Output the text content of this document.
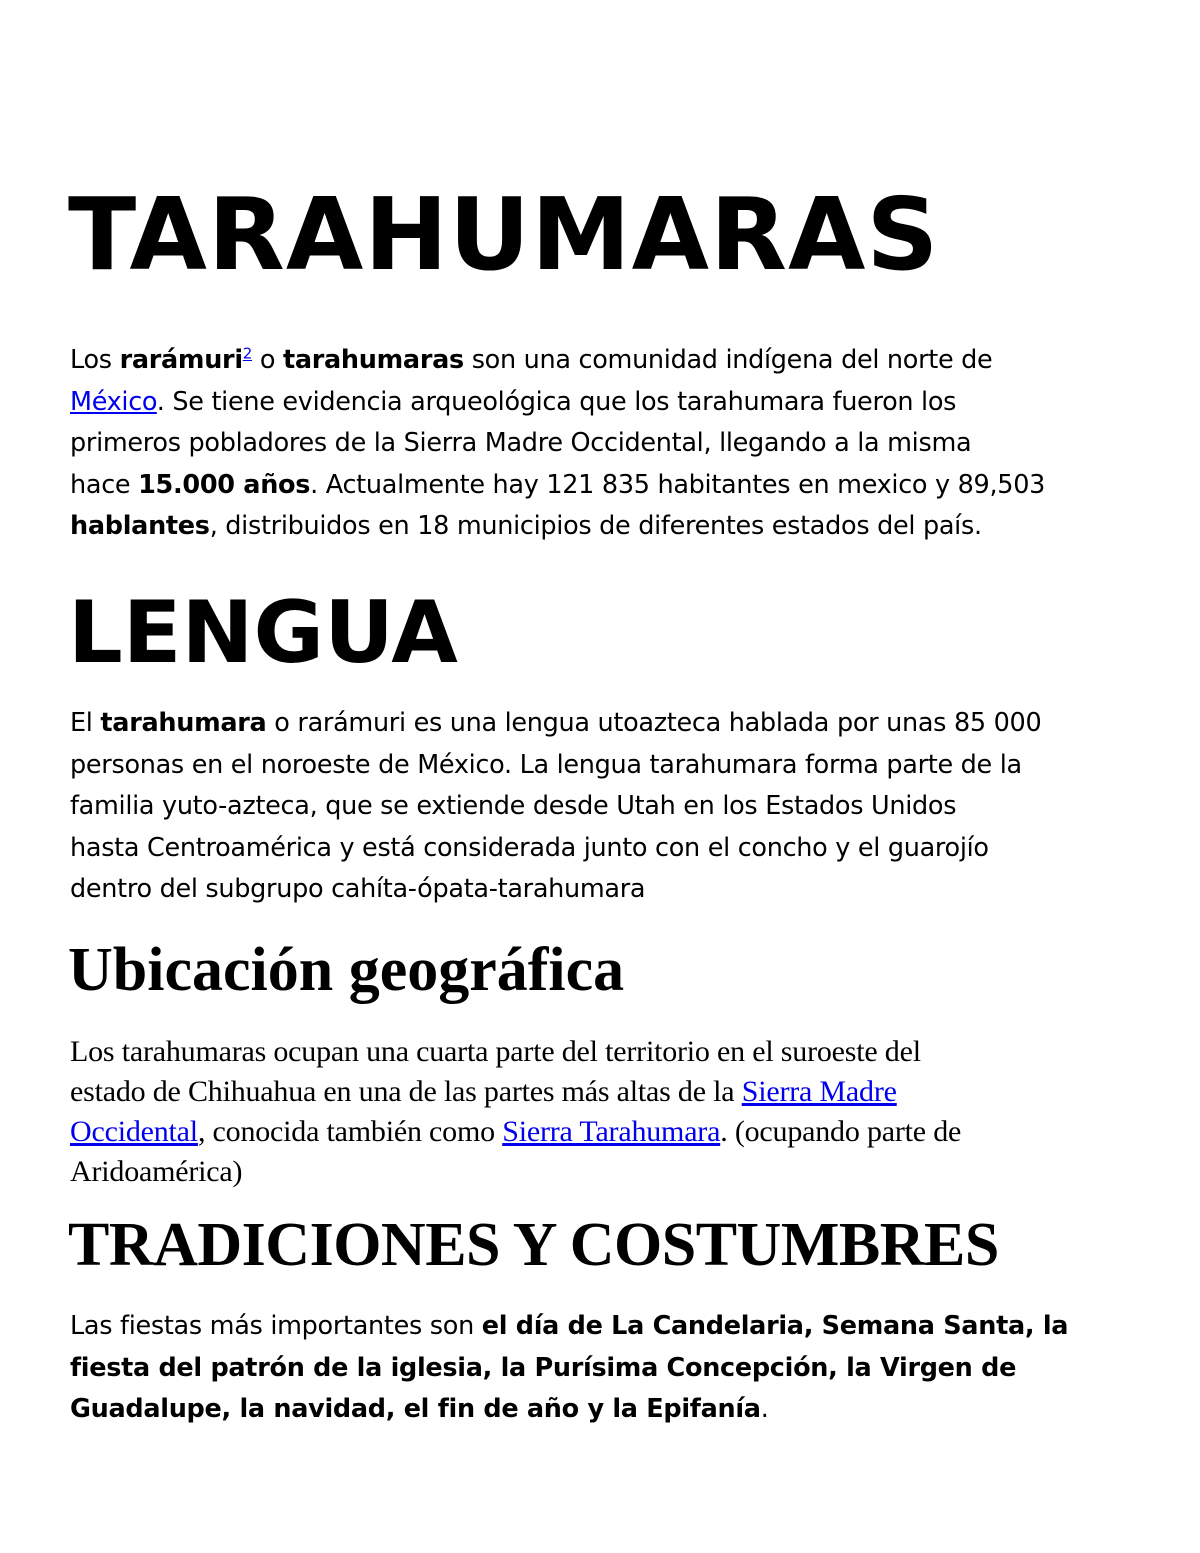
TARAHUMARAS
Los rarámuri$^2$ o tarahumaras son una comunidad indígena del norte de
México. Se tiene evidencia arqueológica que los tarahumara fueron los
primeros pobladores de la Sierra Madre Occidental, llegando a la misma
hace 15.000 años. Actualmente hay 121 835 habitantes en mexico y 89,503
hablantes, distribuidos en 18 municipios de diferentes estados del país.
LENGUA
El tarahumara o rarámuri es una lengua utoazteca hablada por unas 85 000
personas en el noroeste de México. La lengua tarahumara forma parte de la
familia yuto-azteca, que se extiende desde Utah en los Estados Unidos
hasta Centroamérica y está considerada junto con el concho y el guarojío
dentro del subgrupo cahíta-ópata-tarahumara
Ubicación geográfica
Los tarahumaras ocupan una cuarta parte del territorio en el suroeste del
estado de Chihuahua en una de las partes más altas de la Sierra Madre
Occidental, conocida también como Sierra Tarahumara. (ocupando parte de
Aridoamérica)
TRADICIONES Y COSTUMBRES
Las fiestas más importantes son el día de La Candelaria, Semana Santa, la
fiesta del patrón de la iglesia, la Purísima Concepción, la Virgen de
Guadalupe, la navidad, el fin de año y la Epifanía.
